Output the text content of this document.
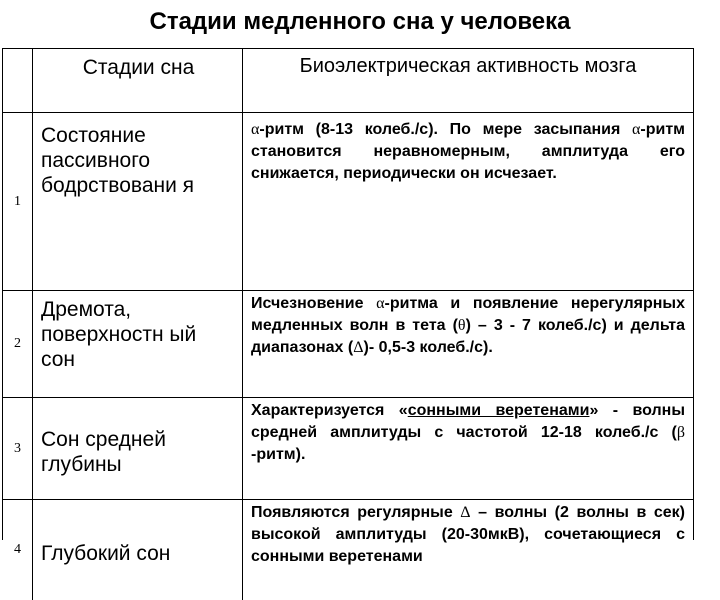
Стадии медленного сна у человека
Стадии сна	Биоэлектрическая активность мозга
1
Состояние пассивного бодрствовани я
α-ритм (8-13 колеб./с). По мере засыпания α-ритм становится неравномерным, амплитуда его снижается, периодически он исчезает.
2
Дремота, поверхностн ый сон
Исчезновение α-ритма и появление нерегулярных медленных волн в тета (θ) – 3 - 7 колеб./с) и дельта диапазонах (Δ)- 0,5-3 колеб./с).
3 Сон средней глубины
Характеризуется «сонными веретенами» - волны средней амплитуды с частотой 12-18 колеб./с (β -ритм).
4 Глубокий сон
Появляются регулярные Δ – волны (2 волны в сек) высокой амплитуды (20-30мкВ), сочетающиеся с сонными веретенами
